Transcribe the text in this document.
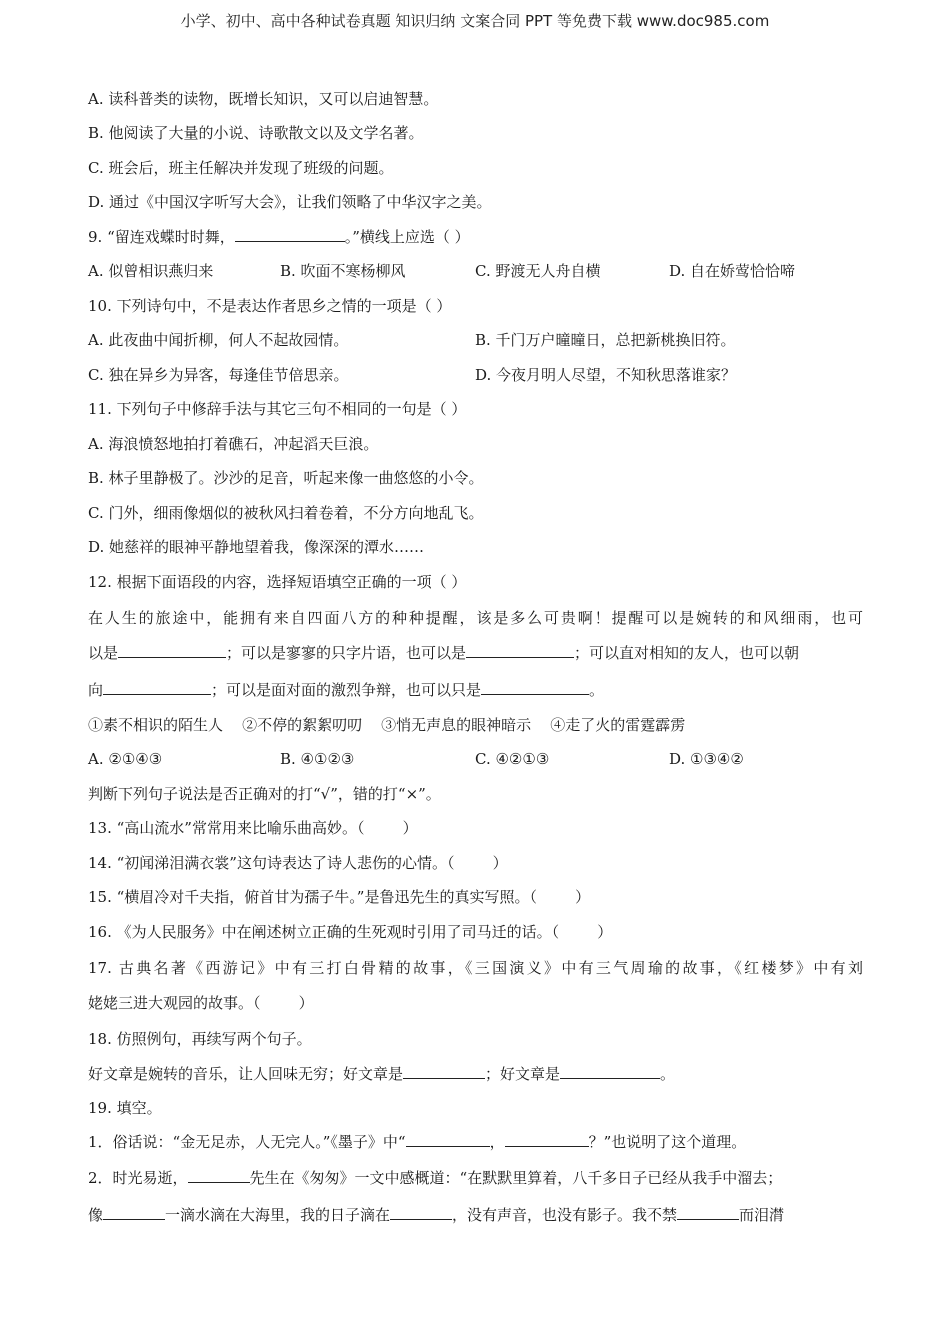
小学、初中、高中各种试卷真题 知识归纳 文案合同 PPT 等免费下载 www.doc985.com
A. 读科普类的读物，既增长知识，又可以启迪智慧。
B. 他阅读了大量的小说、诗歌散文以及文学名著。
C. 班会后，班主任解决并发现了班级的问题。
D. 通过《中国汉字听写大会》，让我们领略了中华汉字之美。
9. “留连戏蝶时时舞，	。”横线上应选（ ）
A. 似曾相识燕归来	B. 吹面不寒杨柳风	C. 野渡无人舟自横	D. 自在娇莺恰恰啼
10. 下列诗句中，不是表达作者思乡之情的一项是（ ）
A. 此夜曲中闻折柳，何人不起故园情。	B. 千门万户曈曈日，总把新桃换旧符。
C. 独在异乡为异客，每逢佳节倍思亲。	D. 今夜月明人尽望，不知秋思落谁家？
11. 下列句子中修辞手法与其它三句不相同的一句是（ ）
A. 海浪愤怒地拍打着礁石，冲起滔天巨浪。
B. 林子里静极了。沙沙的足音，听起来像一曲悠悠的小令。
C. 门外，细雨像烟似的被秋风扫着卷着，不分方向地乱飞。
D. 她慈祥的眼神平静地望着我，像深深的潭水……
12. 根据下面语段的内容，选择短语填空正确的一项（ ）
在人生的旅途中，能拥有来自四面八方的种种提醒，该是多么可贵啊！提醒可以是婉转的和风细雨，也可
以是	；可以是寥寥的只字片语，也可以是	；可以直对相知的友人，也可以朝
向	；可以是面对面的激烈争辩，也可以只是	。
①素不相识的陌生人    ②不停的絮絮叨叨    ③悄无声息的眼神暗示    ④走了火的雷霆霹雳
A. ②①④③	B. ④①②③	C. ④②①③	D. ①③④②
判断下列句子说法是否正确对的打“√”，错的打“×”。
13. “高山流水”常常用来比喻乐曲高妙。（        ）
14. “初闻涕泪满衣裳”这句诗表达了诗人悲伤的心情。（        ）
15. “横眉冷对千夫指，俯首甘为孺子牛。”是鲁迅先生的真实写照。（        ）
16. 《为人民服务》中在阐述树立正确的生死观时引用了司马迁的话。（        ）
17. 古典名著《西游记》中有三打白骨精的故事，《三国演义》中有三气周瑜的故事，《红楼梦》中有刘
姥姥三进大观园的故事。（        ）
18. 仿照例句，再续写两个句子。
好文章是婉转的音乐，让人回味无穷；好文章是	；好文章是	。
19. 填空。
1．俗话说：“金无足赤，人无完人。”《墨子》中“	，	？”也说明了这个道理。
2．时光易逝，	先生在《匆匆》一文中感概道：“在默默里算着，八千多日子已经从我手中溜去；
像	一滴水滴在大海里，我的日子滴在	，没有声音，也没有影子。我不禁	而泪潸
